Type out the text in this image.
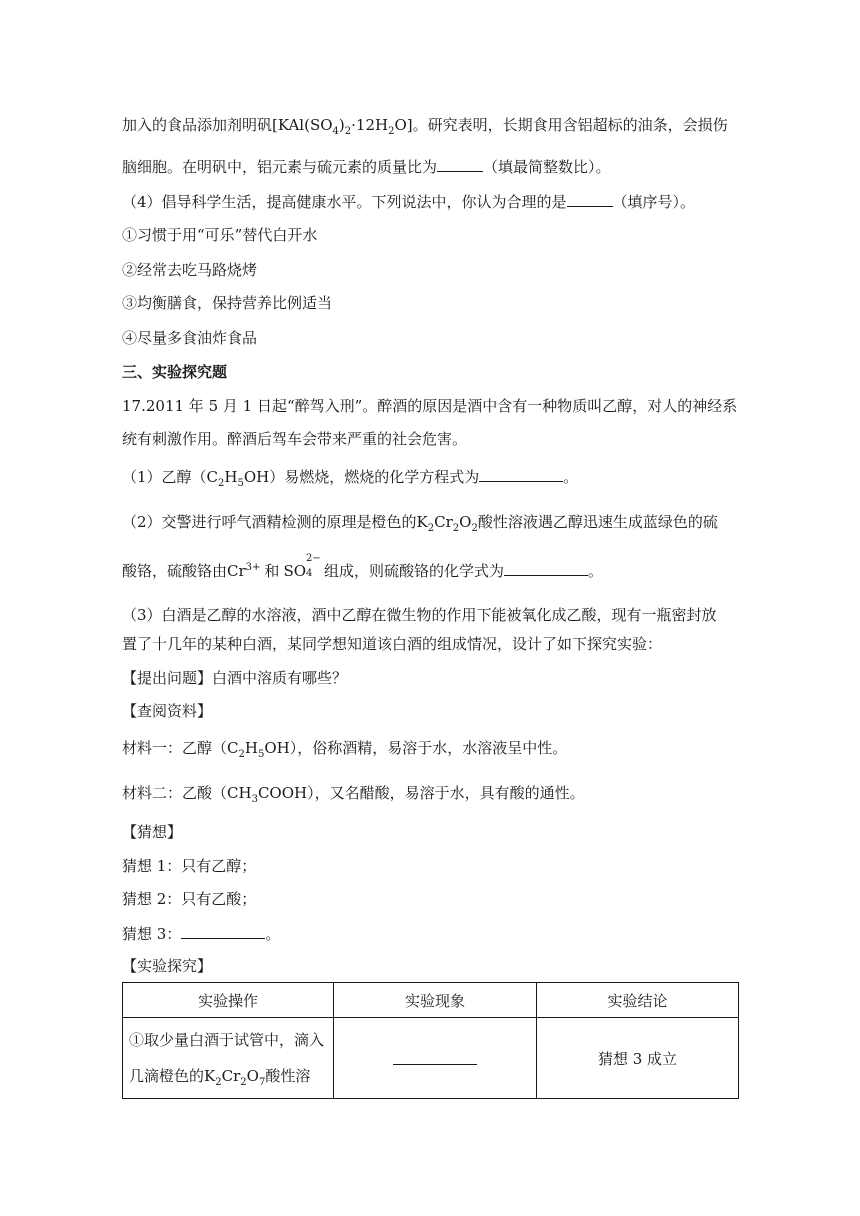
加入的食品添加剂明矾$[KAl(SO_4)_2\cdot 12H_2O]$。研究表明，长期食用含铝超标的油条，会损伤
脑细胞。在明矾中，铝元素与硫元素的质量比为	（填最简整数比）。
（4）倡导科学生活，提高健康水平。下列说法中，你认为合理的是	（填序号）。
①习惯于用“可乐”替代白开水
②经常去吃马路烧烤
③均衡膳食，保持营养比例适当
④尽量多食油炸食品
三、实验探究题
17.2011 年 5 月 1 日起“醉驾入刑”。醉酒的原因是酒中含有一种物质叫乙醇，对人的神经系
统有刺激作用。醉酒后驾车会带来严重的社会危害。
（1）乙醇$(C_2H_5OH)$易燃烧，燃烧的化学方程式为	。
（2）交警进行呼气酒精检测的原理是橙色的$K_2Cr_2O_2$酸性溶液遇乙醇迅速生成蓝绿色的硫
酸铬，硫酸铬由$Cr^{3+}$ 和 SO
2−
4 组成，则硫酸铬的化学式为	。
（3）白酒是乙醇的水溶液，酒中乙醇在微生物的作用下能被氧化成乙酸，现有一瓶密封放
置了十几年的某种白酒，某同学想知道该白酒的组成情况，设计了如下探究实验：
【提出问题】白酒中溶质有哪些？
【查阅资料】
材料一：乙醇$(C_2H_5OH)$，俗称酒精，易溶于水，水溶液呈中性。
材料二：乙酸$(CH_3COOH)$，又名醋酸，易溶于水，具有酸的通性。
【猜想】
猜想 1：只有乙醇；
猜想 2：只有乙酸；
猜想 3：	。
【实验探究】
实验操作	实验现象	实验结论

①取少量白酒于试管中，滴入
几滴橙色的$K_2Cr_2O_7$酸性溶		猜想 3 成立
